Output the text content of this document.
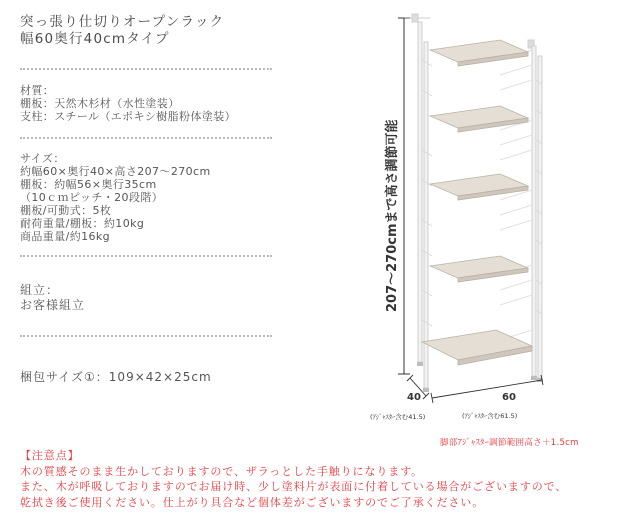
突っ張り仕切りオープンラック

幅60奥行40cmタイプ

材質：
棚板：天然木杉材（水性塗装）
支柱：スチール（エポキシ樹脂粉体塗装）
サイズ：
約幅60×奥行40×高さ207〜270cm
棚板：約幅56×奥行35cm
（10ｃｍピッチ・20段階）
棚板/可動式：5枚
耐荷重量/棚板：約10kg
商品重量/約16kg
組立：
お客様組立
梱包サイズ①：109×42×25cm
207〜270cmまで高さ調節可能
40
(ｱｼﾞｬｽﾀｰ含む41.5)
60
(ｱｼﾞｬｽﾀｰ含む61.5)
脚部ｱｼﾞｬｽﾀｰ調節範囲高さ＋1.5cm
【注意点】
木の質感そのまま生かしておりますので、ザラっとした手触りになります。
また、木が呼吸しておりますのでお届け時、少し塗料片が表面に付着している場合がございますので、
乾拭き後ご使用ください。仕上がり具合など個体差がございますのでご了承ください。
